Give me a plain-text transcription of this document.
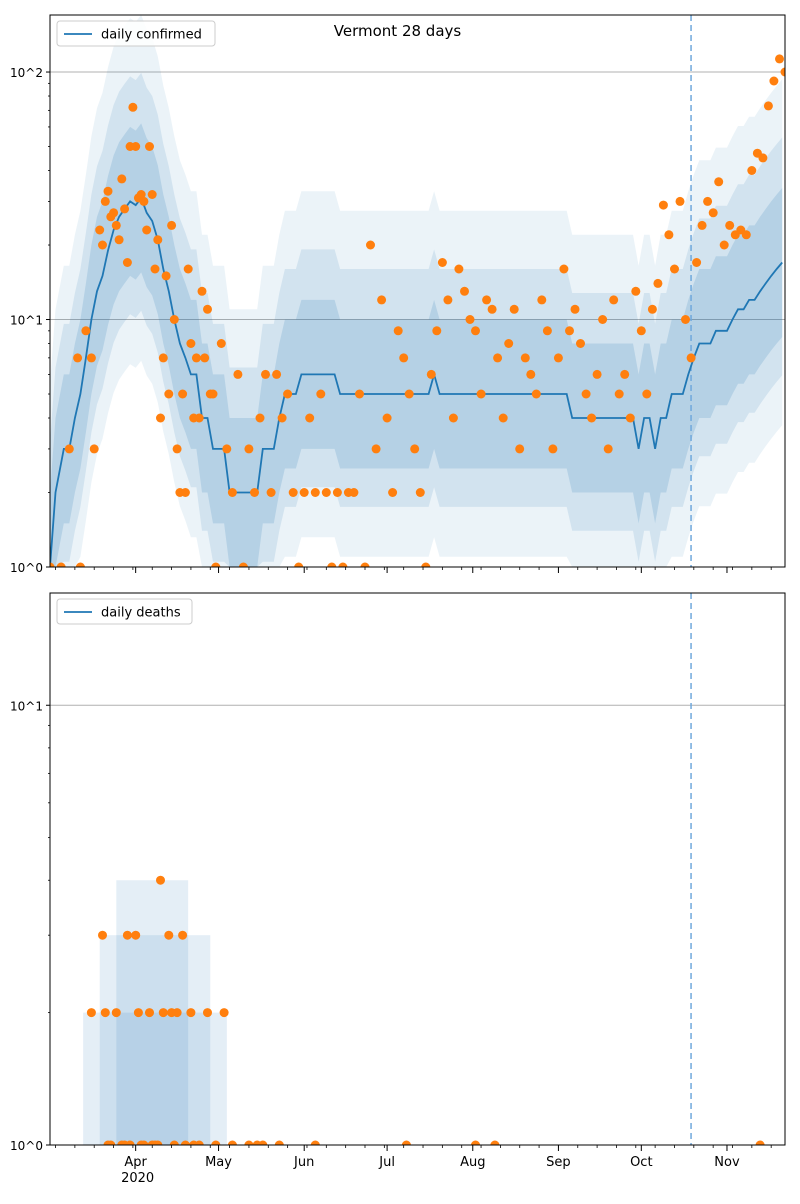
10^0
10^1
10^2
Vermont 28 days
daily confirmed
10^0
10^1
Apr	May	Jun	Jul	Aug	Sep	Oct	Nov
2020
daily deaths
